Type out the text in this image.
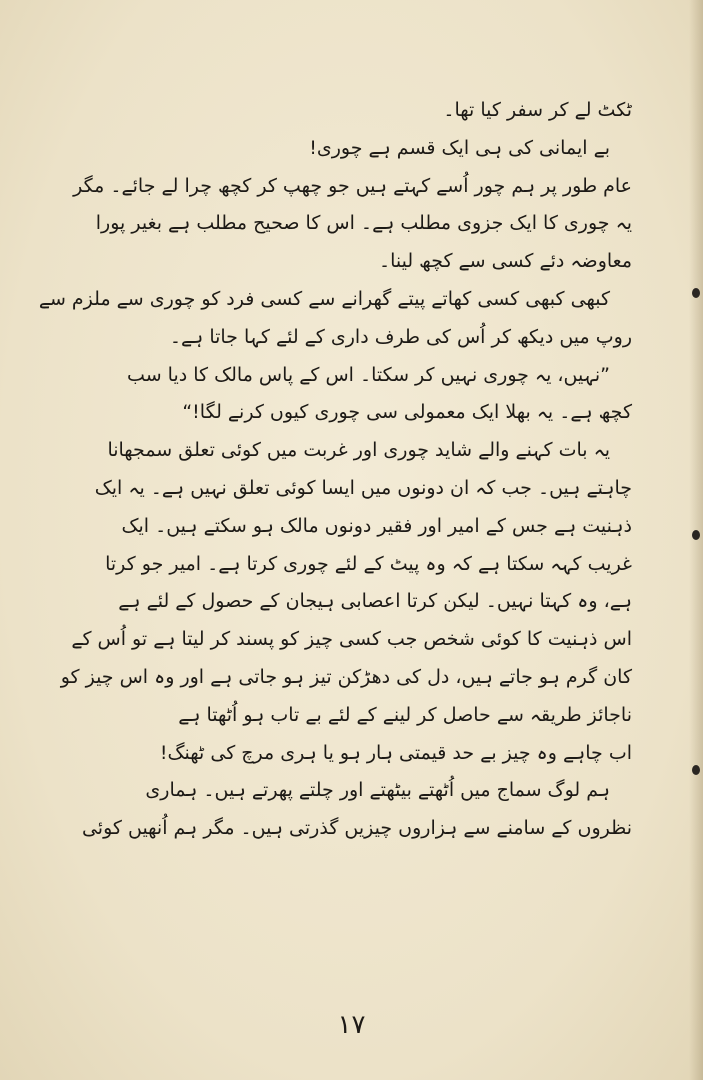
ٹکٹ لے کر سفر کیا تھا۔
بے ایمانی کی ہی ایک قسم ہے چوری!
عام طور پر ہم چور اُسے کہتے ہیں جو چھپ کر کچھ چرا لے جائے۔ مگر
یہ چوری کا ایک جزوی مطلب ہے۔ اس کا صحیح مطلب ہے بغیر پورا
معاوضہ دئے کسی سے کچھ لینا۔
کبھی کبھی کسی کھاتے پیتے گھرانے سے کسی فرد کو چوری سے ملزم سے
روپ میں دیکھ کر اُس کی طرف داری کے لئے کہا جاتا ہے۔
”نہیں، یہ چوری نہیں کر سکتا۔ اس کے پاس مالک کا دیا سب
کچھ ہے۔ یہ بھلا ایک معمولی سی چوری کیوں کرنے لگا!“
یہ بات کہنے والے شاید چوری اور غربت میں کوئی تعلق سمجھانا
چاہتے ہیں۔ جب کہ ان دونوں میں ایسا کوئی تعلق نہیں ہے۔ یہ ایک
ذہنیت ہے جس کے امیر اور فقیر دونوں مالک ہو سکتے ہیں۔ ایک
غریب کہہ سکتا ہے کہ وہ پیٹ کے لئے چوری کرتا ہے۔ امیر جو کرتا
ہے، وہ کہتا نہیں۔ لیکن کرتا اعصابی ہیجان کے حصول کے لئے ہے
اس ذہنیت کا کوئی شخص جب کسی چیز کو پسند کر لیتا ہے تو اُس کے
کان گرم ہو جاتے ہیں، دل کی دھڑکن تیز ہو جاتی ہے اور وہ اس چیز کو
ناجائز طریقہ سے حاصل کر لینے کے لئے بے تاب ہو اُٹھتا ہے
اب چاہے وہ چیز بے حد قیمتی ہار ہو یا ہری مرچ کی ٹھنگ!
ہم لوگ سماج میں اُٹھتے بیٹھتے اور چلتے پھرتے ہیں۔ ہماری
نظروں کے سامنے سے ہزاروں چیزیں گذرتی ہیں۔ مگر ہم اُنھیں کوئی
۱۷
